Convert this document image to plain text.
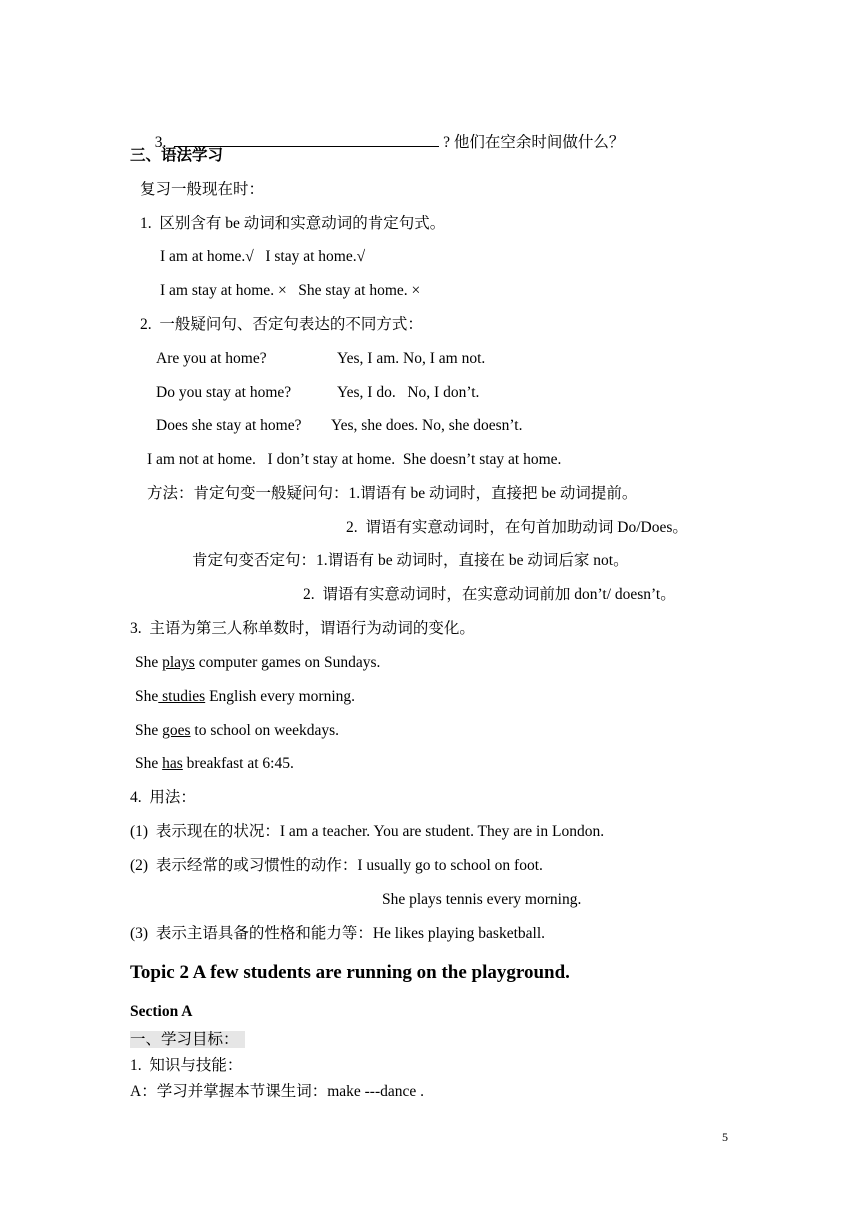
3.	? 他们在空余时间做什么？

三、语法学习
复习一般现在时：
1.  区别含有 be 动词和实意动词的肯定句式。
I am at home.√   I stay at home.√
I am stay at home. ×   She stay at home. ×
2.  一般疑问句、否定句表达的不同方式：
Are you at home?	Yes, I am. No, I am not.
Do you stay at home?	Yes, I do.   No, I don’t.
Does she stay at home? Yes, she does. No, she doesn’t.
I am not at home.   I don’t stay at home.  She doesn’t stay at home.
方法：肯定句变一般疑问句：1.谓语有 be 动词时，直接把 be 动词提前。
2.  谓语有实意动词时，在句首加助动词 Do/Does。
肯定句变否定句：1.谓语有 be 动词时，直接在 be 动词后家 not。
2.  谓语有实意动词时，在实意动词前加 don’t/ doesn’t。
3.  主语为第三人称单数时，谓语行为动词的变化。
She plays computer games on Sundays.
She studies English every morning.
She goes to school on weekdays.
She has breakfast at 6:45.
4.  用法：
(1)  表示现在的状况：I am a teacher. You are student. They are in London.
(2)  表示经常的或习惯性的动作：I usually go to school on foot.
She plays tennis every morning.
(3)  表示主语具备的性格和能力等：He likes playing basketball.
Topic 2 A few students are running on the playground.
Section A
一、学习目标：
1.  知识与技能：
A：学习并掌握本节课生词：make ---dance .
5
